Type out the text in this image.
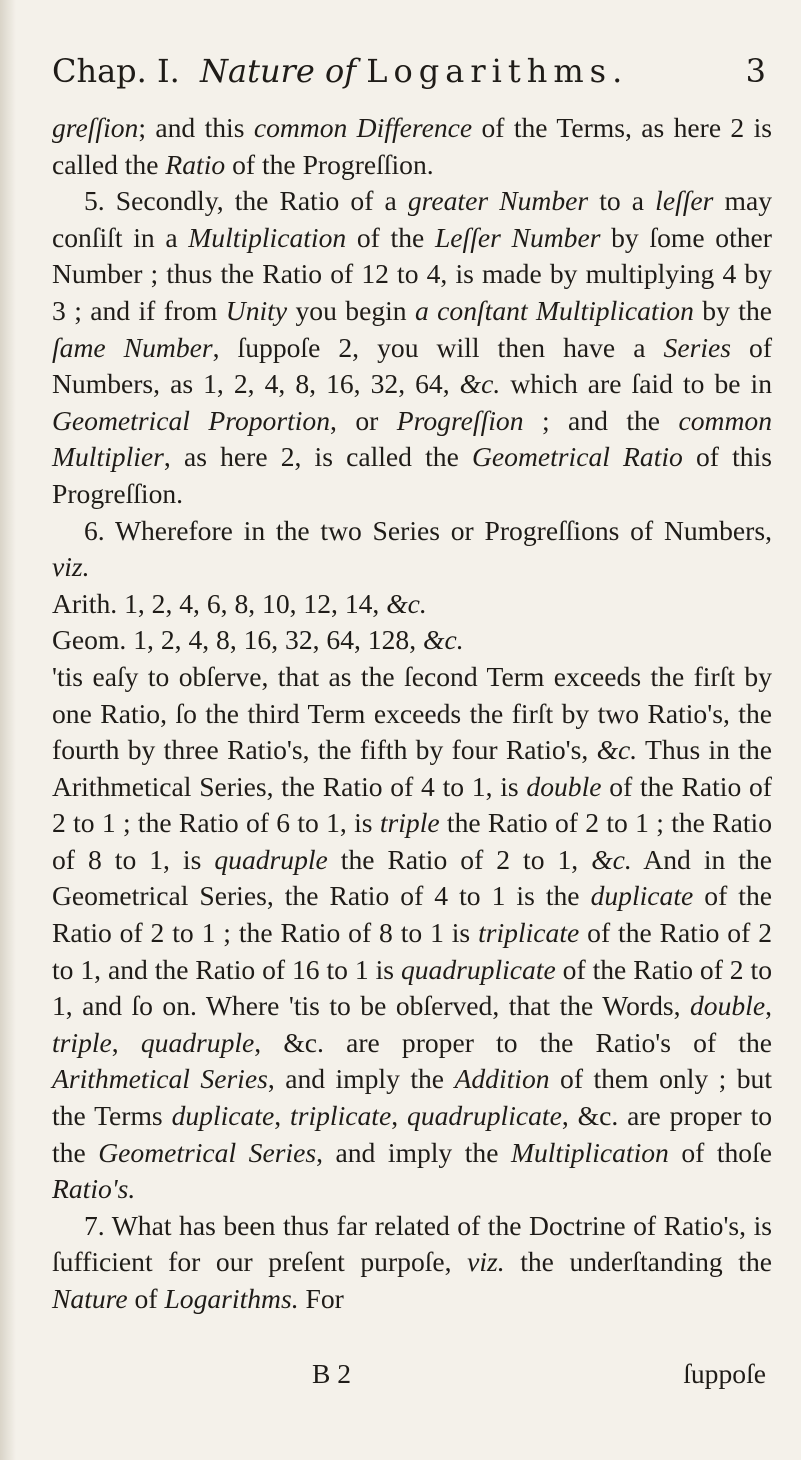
Chap. I. Nature of Logarithms.	3

greſſion; and this common Difference of the Terms, as here 2 is called the Ratio of the Progreſſion.

5. Secondly, the Ratio of a greater Number to a leſſer may conſiſt in a Multiplication of the Leſſer Number by ſome other Number ; thus the Ratio of 12 to 4, is made by multiplying 4 by 3 ; and if from Unity you begin a conſtant Multiplication by the ſame Number, ſuppoſe 2, you will then have a Series of Numbers, as 1, 2, 4, 8, 16, 32, 64, &c. which are ſaid to be in Geometrical Proportion, or Progreſſion ; and the common Multiplier, as here 2, is called the Geometrical Ratio of this Progreſſion.

6. Wherefore in the two Series or Progreſſions of Numbers, viz.

Arith. 1, 2, 4, 6, 8, 10, 12, 14, &c.
Geom. 1, 2, 4, 8, 16, 32, 64, 128, &c.

'tis eaſy to obſerve, that as the ſecond Term exceeds the firſt by one Ratio, ſo the third Term exceeds the firſt by two Ratio's, the fourth by three Ratio's, the fifth by four Ratio's, &c. Thus in the Arithmetical Series, the Ratio of 4 to 1, is double of the Ratio of 2 to 1 ; the Ratio of 6 to 1, is triple the Ratio of 2 to 1 ; the Ratio of 8 to 1, is quadruple the Ratio of 2 to 1, &c. And in the Geometrical Series, the Ratio of 4 to 1 is the duplicate of the Ratio of 2 to 1 ; the Ratio of 8 to 1 is triplicate of the Ratio of 2 to 1, and the Ratio of 16 to 1 is quadruplicate of the Ratio of 2 to 1, and ſo on. Where 'tis to be obſerved, that the Words, double, triple, quadruple, &c. are proper to the Ratio's of the Arithmetical Series, and imply the Addition of them only ; but the Terms duplicate, triplicate, quadruplicate, &c. are proper to the Geometrical Series, and imply the Multiplication of thoſe Ratio's.

7. What has been thus far related of the Doctrine of Ratio's, is ſufficient for our preſent purpoſe, viz. the underſtanding the Nature of Logarithms. For

B 2	ſuppoſe
